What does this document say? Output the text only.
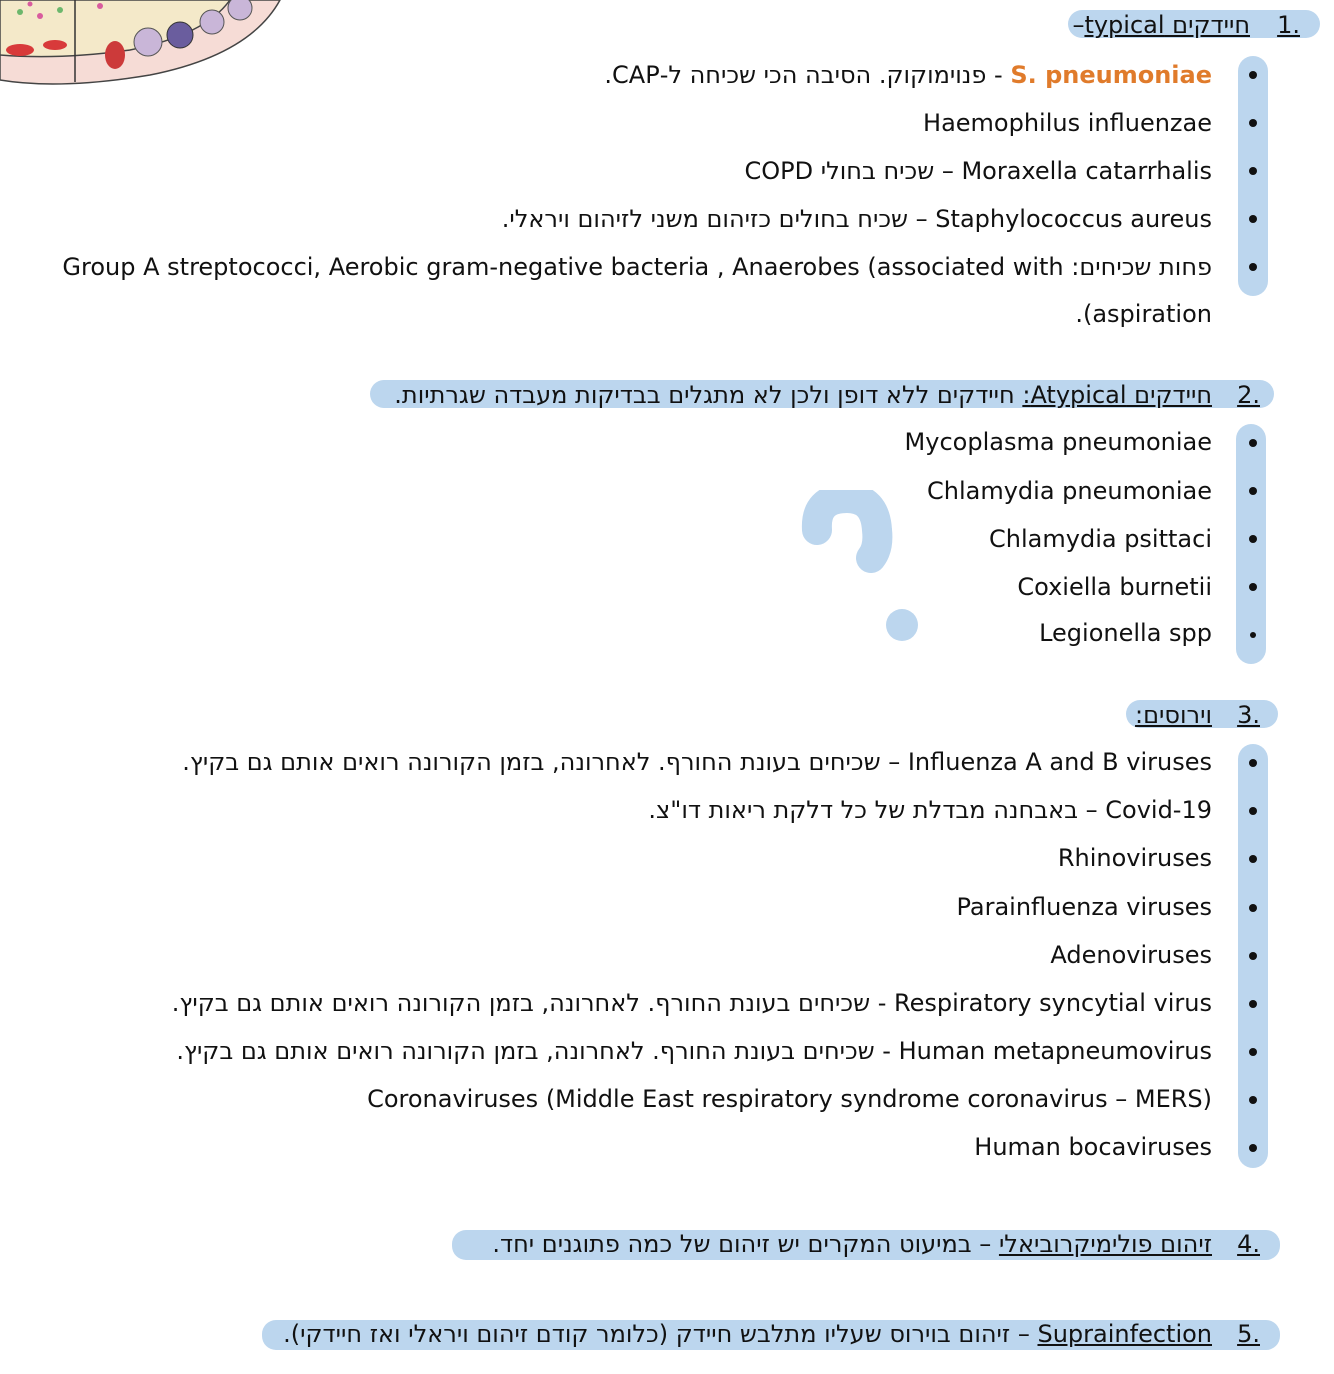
1.
חיידקים typical–
S. pneumoniae - פנוימוקוק. הסיבה הכי שכיחה ל-CAP.
Haemophilus influenzae
Moraxella catarrhalis – שכיח בחולי COPD
Staphylococcus aureus – שכיח בחולים כזיהום משני לזיהום ויראלי.
פחות שכיחים: Group A streptococci, Aerobic gram-negative bacteria , Anaerobes (associated with
aspiration).
2.
חיידקים Atypical: חיידקים ללא דופן ולכן לא מתגלים בבדיקות מעבדה שגרתיות.
Mycoplasma pneumoniae
Chlamydia pneumoniae
Chlamydia psittaci
Coxiella burnetii
Legionella spp
3.
וירוסים:
Influenza A and B viruses – שכיחים בעונת החורף. לאחרונה, בזמן הקורונה רואים אותם גם בקיץ.
Covid-19 – באבחנה מבדלת של כל דלקת ריאות דו"צ.
Rhinoviruses
Parainfluenza viruses
Adenoviruses
Respiratory syncytial virus - שכיחים בעונת החורף. לאחרונה, בזמן הקורונה רואים אותם גם בקיץ.
Human metapneumovirus - שכיחים בעונת החורף. לאחרונה, בזמן הקורונה רואים אותם גם בקיץ.
Coronaviruses (Middle East respiratory syndrome coronavirus – MERS)
Human bocaviruses
4.
זיהום פולימיקרוביאלי – במיעוט המקרים יש זיהום של כמה פתוגנים יחד.
5.
Suprainfection – זיהום בוירוס שעליו מתלבש חיידק (כלומר קודם זיהום ויראלי ואז חיידקי).
